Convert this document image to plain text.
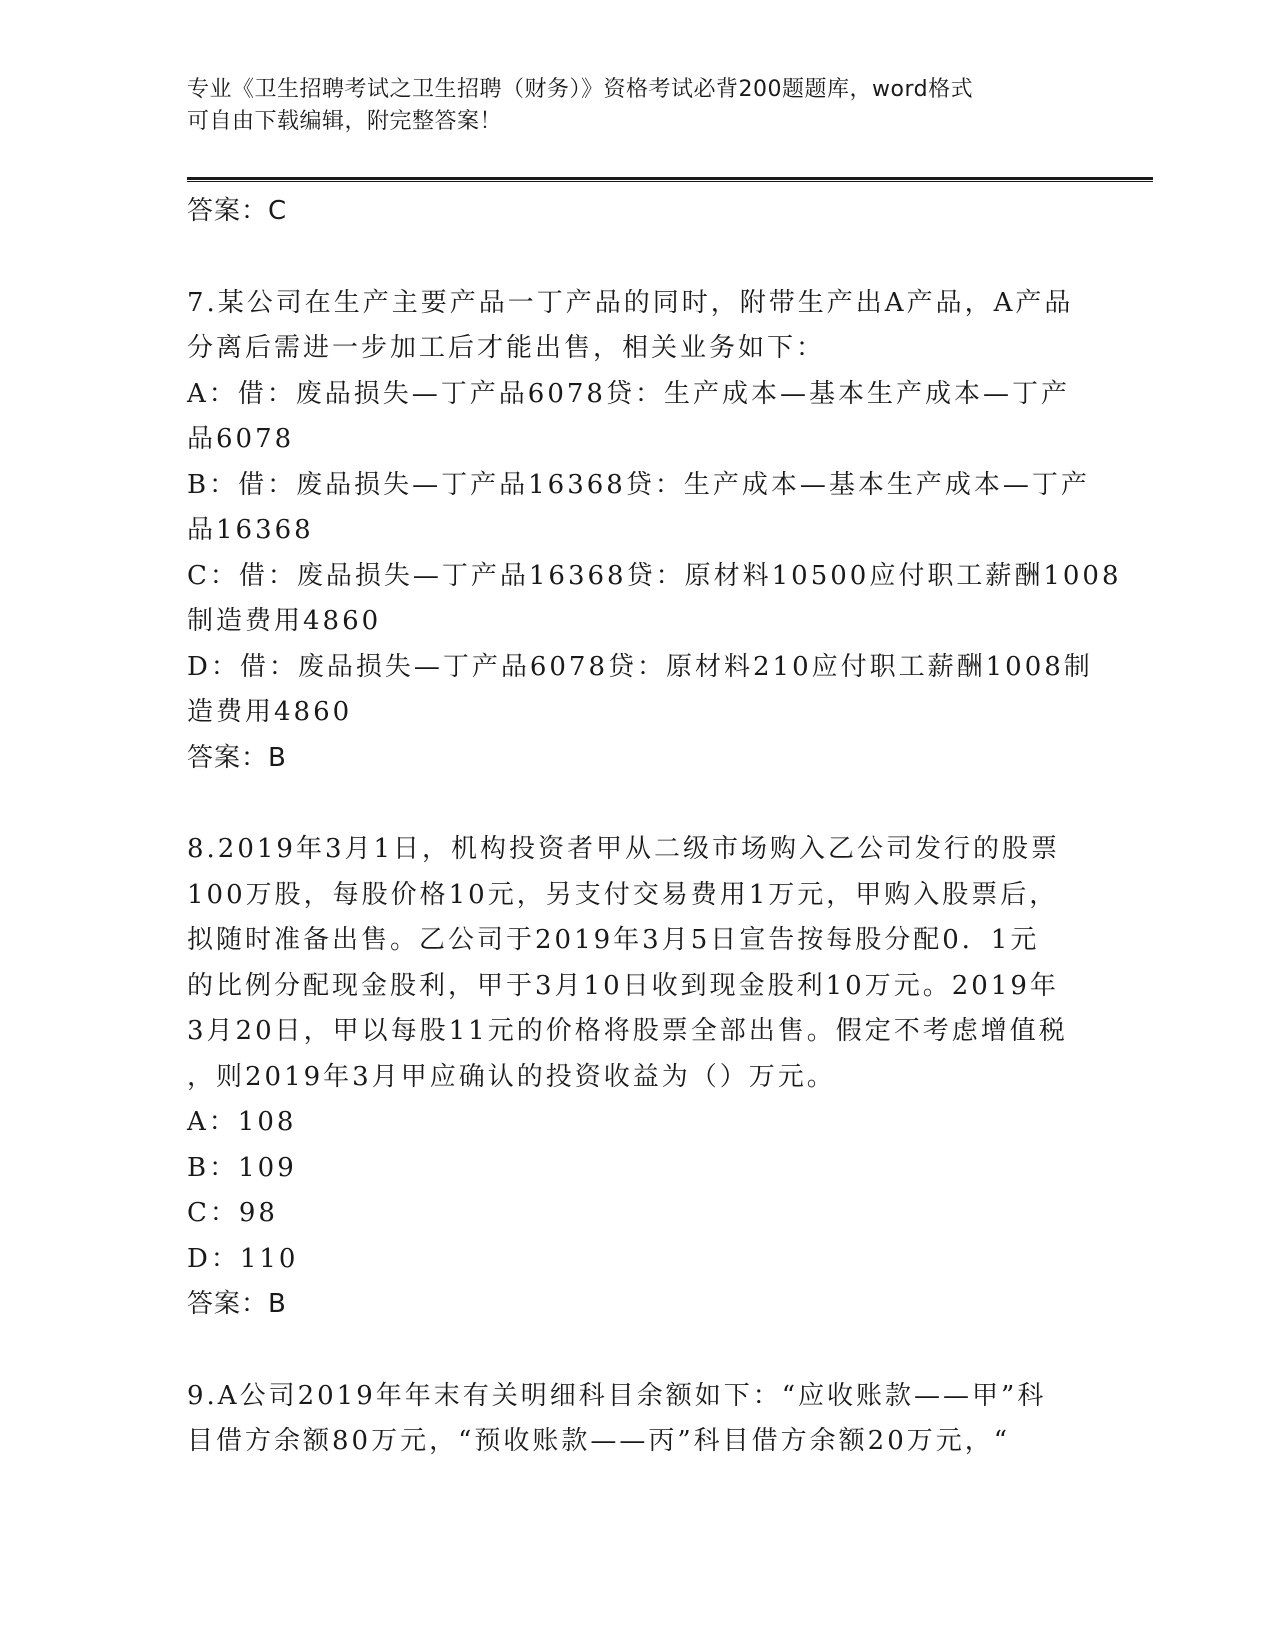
专业《卫生招聘考试之卫生招聘（财务）》资格考试必背200题题库，word格式
可自由下载编辑，附完整答案！
答案：C
7.某公司在生产主要产品一丁产品的同时，附带生产出A产品，A产品
分离后需进一步加工后才能出售，相关业务如下：
A：借：废品损失—丁产品6078贷：生产成本—基本生产成本—丁产
品6078
B：借：废品损失—丁产品16368贷：生产成本—基本生产成本—丁产
品16368
C：借：废品损失—丁产品16368贷：原材料10500应付职工薪酬1008
制造费用4860
D：借：废品损失—丁产品6078贷：原材料210应付职工薪酬1008制
造费用4860
答案：B
8.2019年3月1日，机构投资者甲从二级市场购入乙公司发行的股票
100万股，每股价格10元，另支付交易费用1万元，甲购入股票后，
拟随时准备出售。乙公司于2019年3月5日宣告按每股分配0．1元
的比例分配现金股利，甲于3月10日收到现金股利10万元。2019年
3月20日，甲以每股11元的价格将股票全部出售。假定不考虑增值税
，则2019年3月甲应确认的投资收益为（）万元。
A：108
B：109
C：98
D：110
答案：B
9.A公司2019年年末有关明细科目余额如下：“应收账款——甲”科
目借方余额80万元，“预收账款——丙”科目借方余额20万元，“
